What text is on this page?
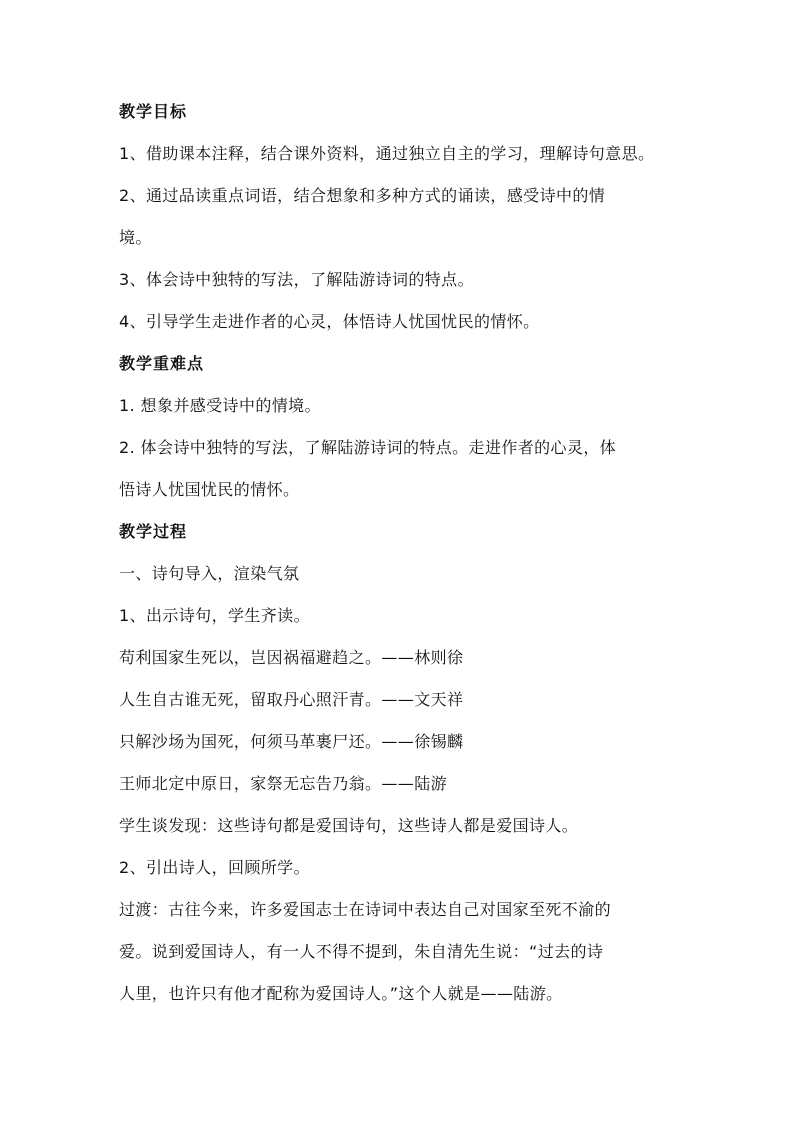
教学目标
1、借助课本注释，结合课外资料，通过独立自主的学习，理解诗句意思。
2、通过品读重点词语，结合想象和多种方式的诵读，感受诗中的情
境。
3、体会诗中独特的写法，了解陆游诗词的特点。
4、引导学生走进作者的心灵，体悟诗人忧国忧民的情怀。
教学重难点
1. 想象并感受诗中的情境。
2. 体会诗中独特的写法，了解陆游诗词的特点。走进作者的心灵，体
悟诗人忧国忧民的情怀。
教学过程
一、诗句导入，渲染气氛
1、出示诗句，学生齐读。
苟利国家生死以，岂因祸福避趋之。——林则徐
人生自古谁无死，留取丹心照汗青。——文天祥
只解沙场为国死，何须马革裹尸还。——徐锡麟
王师北定中原日，家祭无忘告乃翁。——陆游
学生谈发现：这些诗句都是爱国诗句，这些诗人都是爱国诗人。
2、引出诗人，回顾所学。
过渡：古往今来，许多爱国志士在诗词中表达自己对国家至死不渝的
爱。说到爱国诗人，有一人不得不提到，朱自清先生说：“过去的诗
人里，也许只有他才配称为爱国诗人。”这个人就是——陆游。
